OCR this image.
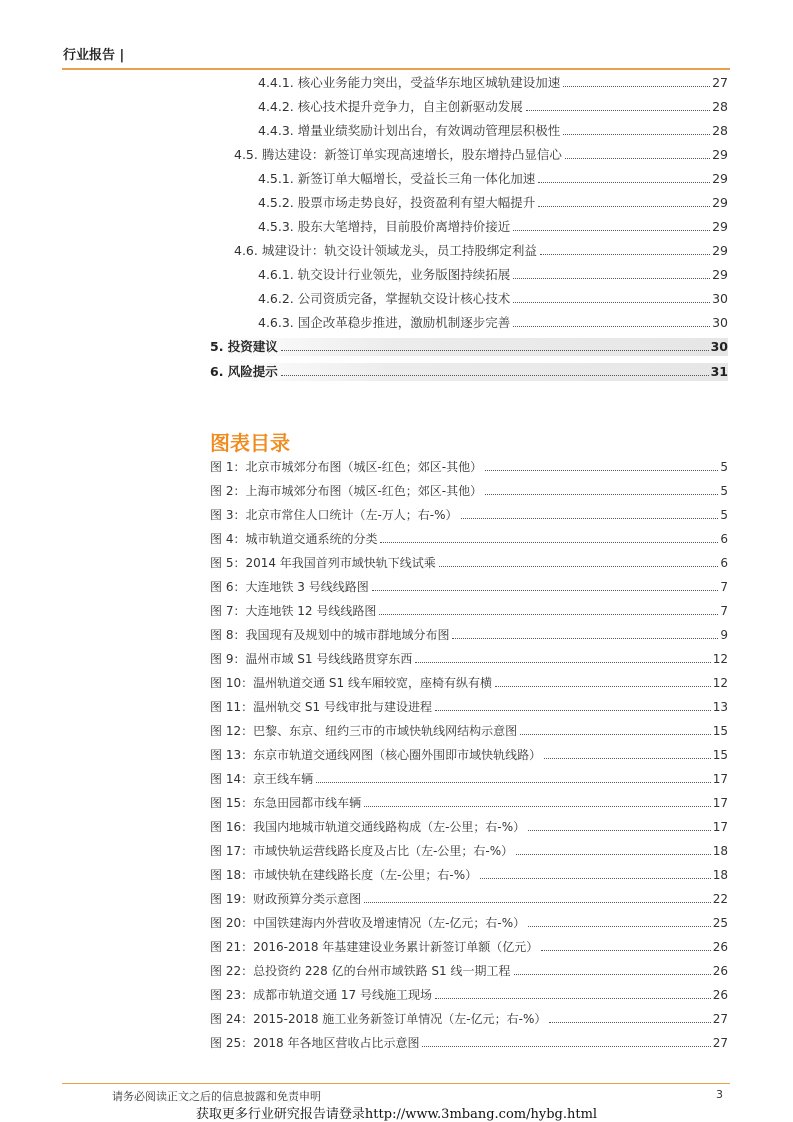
行业报告 |
4.4.1. 核心业务能力突出，受益华东地区城轨建设加速	27
4.4.2. 核心技术提升竞争力，自主创新驱动发展	28
4.4.3. 增量业绩奖励计划出台，有效调动管理层积极性	28
4.5. 腾达建设：新签订单实现高速增长，股东增持凸显信心	29
4.5.1. 新签订单大幅增长，受益长三角一体化加速	29
4.5.2. 股票市场走势良好，投资盈利有望大幅提升	29
4.5.3. 股东大笔增持，目前股价离增持价接近	29
4.6. 城建设计：轨交设计领域龙头，员工持股绑定利益	29
4.6.1. 轨交设计行业领先，业务版图持续拓展	29
4.6.2. 公司资质完备，掌握轨交设计核心技术	30
4.6.3. 国企改革稳步推进，激励机制逐步完善	30
5. 投资建议	30
6. 风险提示	31
图表目录
图 1：北京市城郊分布图（城区-红色；郊区-其他）	5
图 2：上海市城郊分布图（城区-红色；郊区-其他）	5
图 3：北京市常住人口统计（左-万人；右-%）	5
图 4：城市轨道交通系统的分类	6
图 5：2014 年我国首列市域快轨下线试乘	6
图 6：大连地铁 3 号线线路图	7
图 7：大连地铁 12 号线线路图	7
图 8：我国现有及规划中的城市群地域分布图	9
图 9：温州市域 S1 号线线路贯穿东西	12
图 10：温州轨道交通 S1 线车厢较宽，座椅有纵有横	12
图 11：温州轨交 S1 号线审批与建设进程	13
图 12：巴黎、东京、纽约三市的市域快轨线网结构示意图	15
图 13：东京市轨道交通线网图（核心圈外围即市域快轨线路）	15
图 14：京王线车辆	17
图 15：东急田园都市线车辆	17
图 16：我国内地城市轨道交通线路构成（左-公里；右-%）	17
图 17：市域快轨运营线路长度及占比（左-公里；右-%）	18
图 18：市域快轨在建线路长度（左-公里；右-%）	18
图 19：财政预算分类示意图	22
图 20：中国铁建海内外营收及增速情况（左-亿元；右-%）	25
图 21：2016-2018 年基建建设业务累计新签订单额（亿元）	26
图 22：总投资约 228 亿的台州市域铁路 S1 线一期工程	26
图 23：成都市轨道交通 17 号线施工现场	26
图 24：2015-2018 施工业务新签订单情况（左-亿元；右-%）	27
图 25：2018 年各地区营收占比示意图	27
请务必阅读正文之后的信息披露和免责申明	3
获取更多行业研究报告请登录http://www.3mbang.com/hybg.html
